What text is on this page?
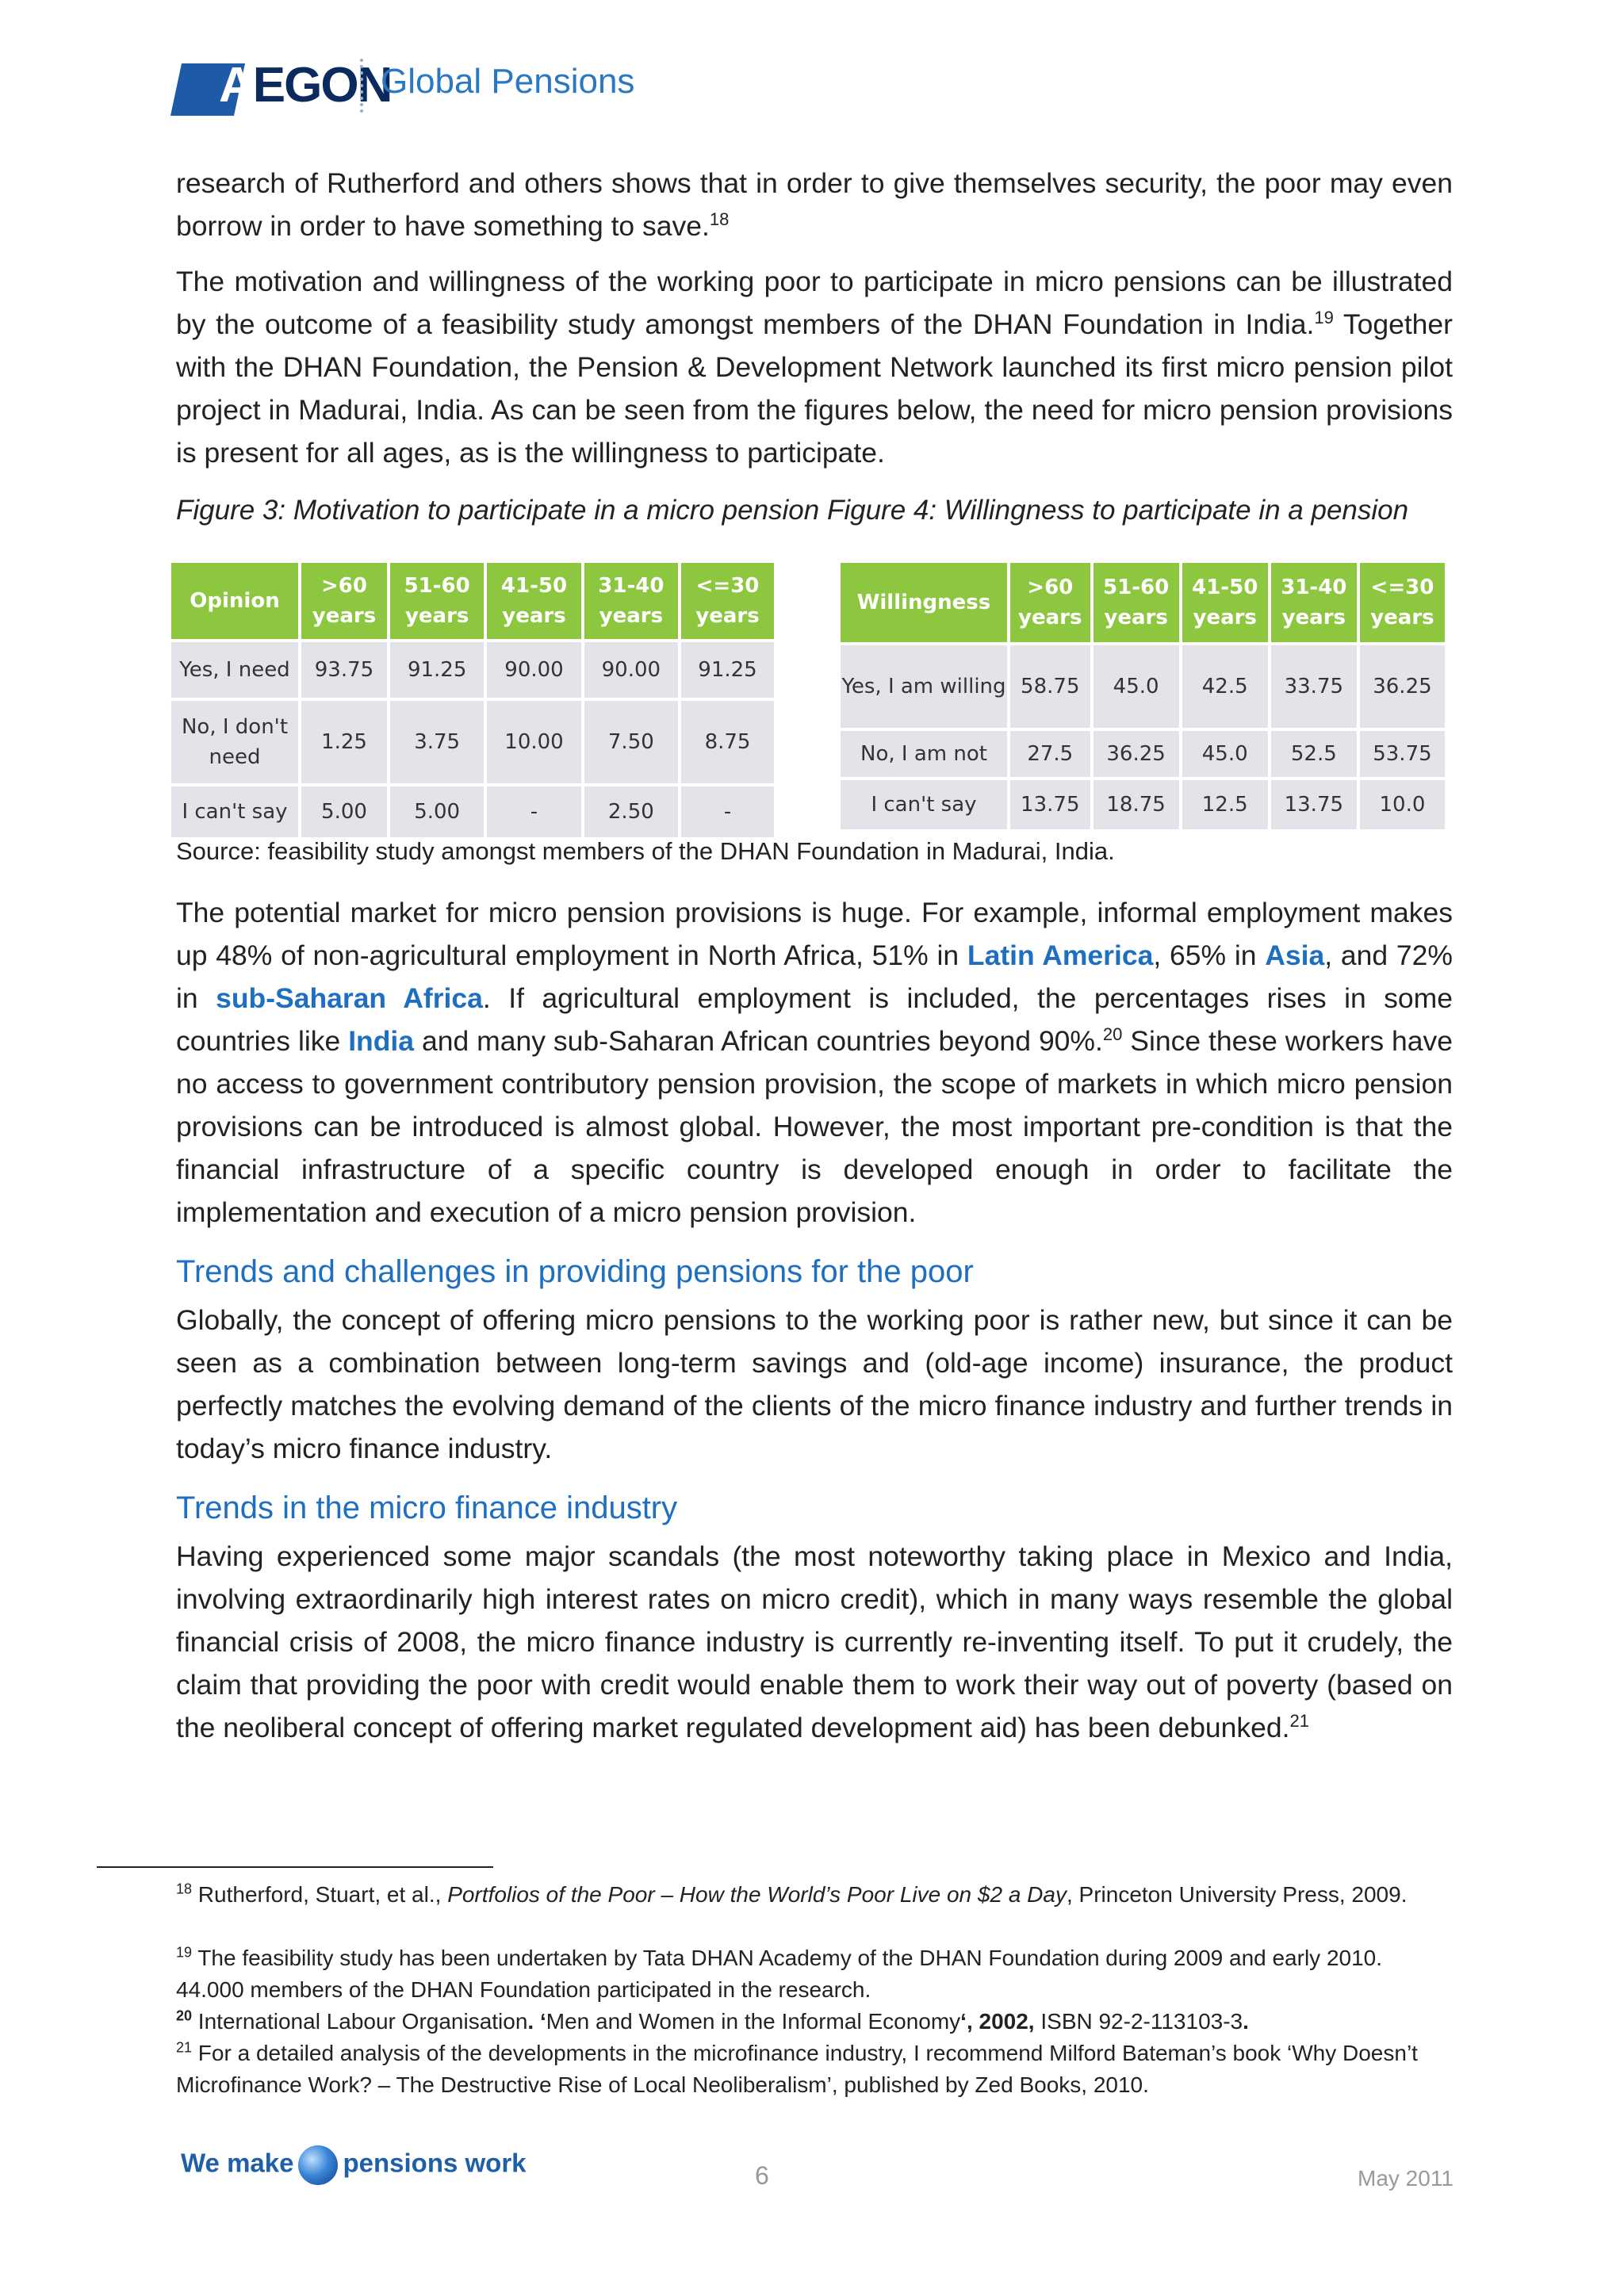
AEGON
Global Pensions
research of Rutherford and others shows that in order to give themselves security, the poor may even borrow in order to have something to save.$^{18}$
The motivation and willingness of the working poor to participate in micro pensions can be illustrated by the outcome of a feasibility study amongst members of the DHAN Foundation in India.$^{19}$ Together with the DHAN Foundation, the Pension & Development Network launched its first micro pension pilot project in Madurai, India. As can be seen from the figures below, the need for micro pension provisions is present for all ages, as is the willingness to participate.
Figure 3: Motivation to participate in a micro pension Figure 4: Willingness to participate in a pension
Opinion	>60 years	51-60 years	41-50 years	31-40 years	<=30 years
Yes, I need	93.75	91.25	90.00	90.00	91.25
No, I don't need	1.25	3.75	10.00	7.50	8.75
I can't say	5.00	5.00	-	2.50	-
Willingness	>60 years	51-60 years	41-50 years	31-40 years	<=30 years
Yes, I am willing	58.75	45.0	42.5	33.75	36.25
No, I am not	27.5	36.25	45.0	52.5	53.75
I can't say	13.75	18.75	12.5	13.75	10.0
Source: feasibility study amongst members of the DHAN Foundation in Madurai, India.
The potential market for micro pension provisions is huge. For example, informal employment makes up 48% of non-agricultural employment in North Africa, 51% in Latin America, 65% in Asia, and 72% in sub-Saharan Africa. If agricultural employment is included, the percentages rises in some countries like India and many sub-Saharan African countries beyond 90%.$^{20}$ Since these workers have no access to government contributory pension provision, the scope of markets in which micro pension provisions can be introduced is almost global. However, the most important pre-condition is that the financial infrastructure of a specific country is developed enough in order to facilitate the implementation and execution of a micro pension provision.
Trends and challenges in providing pensions for the poor
Globally, the concept of offering micro pensions to the working poor is rather new, but since it can be seen as a combination between long-term savings and (old-age income) insurance, the product perfectly matches the evolving demand of the clients of the micro finance industry and further trends in today’s micro finance industry.
Trends in the micro finance industry
Having experienced some major scandals (the most noteworthy taking place in Mexico and India, involving extraordinarily high interest rates on micro credit), which in many ways resemble the global financial crisis of 2008, the micro finance industry is currently re-inventing itself. To put it crudely, the claim that providing the poor with credit would enable them to work their way out of poverty (based on the neoliberal concept of offering market regulated development aid) has been debunked.$^{21}$
$^{18}$ Rutherford, Stuart, et al., Portfolios of the Poor – How the World’s Poor Live on $2 a Day, Princeton University Press, 2009.
$^{19}$ The feasibility study has been undertaken by Tata DHAN Academy of the DHAN Foundation during 2009 and early 2010. 44.000 members of the DHAN Foundation participated in the research.
$^{20}$ International Labour Organisation. ‘Men and Women in the Informal Economy‘, 2002, ISBN 92-2-113103-3.
$^{21}$ For a detailed analysis of the developments in the microfinance industry, I recommend Milford Bateman’s book ‘Why Doesn’t Microfinance Work? – The Destructive Rise of Local Neoliberalism’, published by Zed Books, 2010.
We make pensions work	6	May 2011
